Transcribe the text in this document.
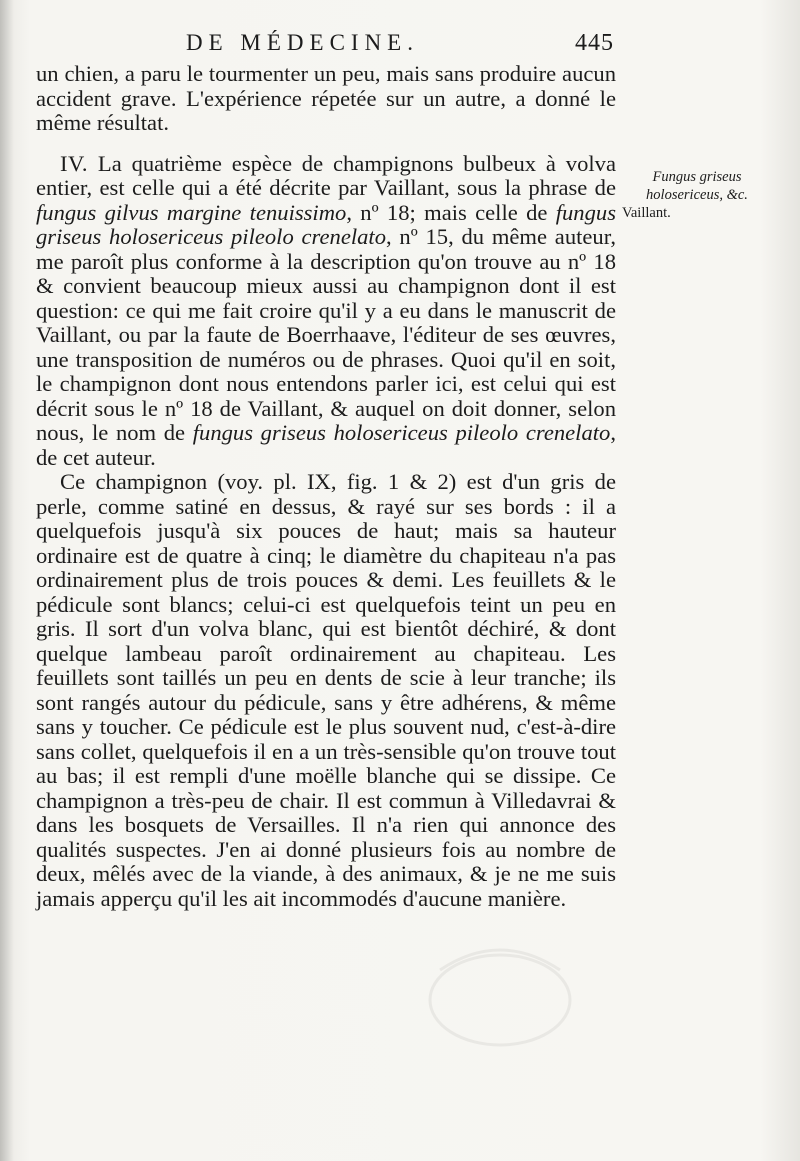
DE MÉDECINE.	445

un chien, a paru le tourmenter un peu, mais sans produire aucun accident grave. L'expérience répetée sur un autre, a donné le même résultat.

IV. La quatrième espèce de champignons bulbeux à volva entier, est celle qui a été décrite par Vaillant, sous la phrase de fungus gilvus margine tenuissimo, nº 18; mais celle de fungus griseus holosericeus pileolo crenelato, nº 15, du même auteur, me paroît plus conforme à la description qu'on trouve au nº 18 & convient beaucoup mieux aussi au champignon dont il est question: ce qui me fait croire qu'il y a eu dans le manuscrit de Vaillant, ou par la faute de Boerrhaave, l'éditeur de ses œuvres, une transposition de numéros ou de phrases. Quoi qu'il en soit, le champignon dont nous entendons parler ici, est celui qui est décrit sous le nº 18 de Vaillant, & auquel on doit donner, selon nous, le nom de fungus griseus holosericeus pileolo crenelato, de cet auteur.

Ce champignon (voy. pl. IX, fig. 1 & 2) est d'un gris de perle, comme satiné en dessus, & rayé sur ses bords : il a quelquefois jusqu'à six pouces de haut; mais sa hauteur ordinaire est de quatre à cinq; le diamètre du chapiteau n'a pas ordinairement plus de trois pouces & demi. Les feuillets & le pédicule sont blancs; celui-ci est quelquefois teint un peu en gris. Il sort d'un volva blanc, qui est bientôt déchiré, & dont quelque lambeau paroît ordinairement au chapiteau. Les feuillets sont taillés un peu en dents de scie à leur tranche; ils sont rangés autour du pédicule, sans y être adhérens, & même sans y toucher. Ce pédicule est le plus souvent nud, c'est-à-dire sans collet, quelquefois il en a un très-sensible qu'on trouve tout au bas; il est rempli d'une moëlle blanche qui se dissipe. Ce champignon a très-peu de chair. Il est commun à Villedavrai & dans les bosquets de Versailles. Il n'a rien qui annonce des qualités suspectes. J'en ai donné plusieurs fois au nombre de deux, mêlés avec de la viande, à des animaux, & je ne me suis jamais apperçu qu'il les ait incommodés d'aucune manière.

Fungus griseus
holosericeus, &c.

Vaillant.
